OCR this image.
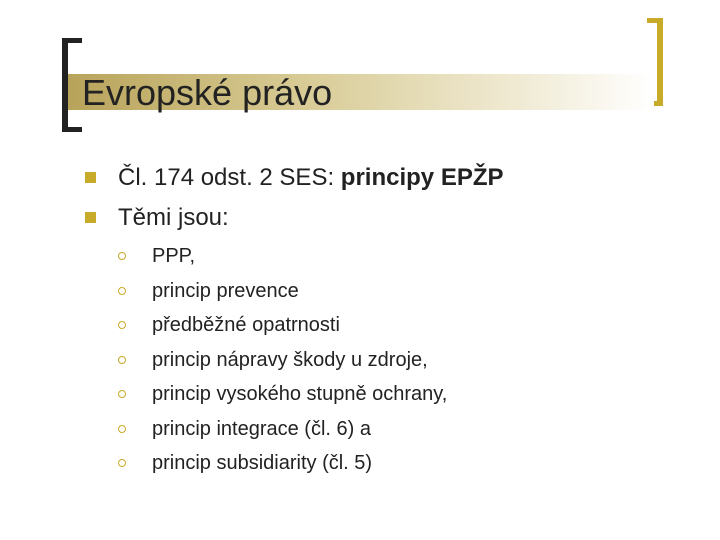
Evropské právo
Čl. 174 odst. 2 SES: principy EPŽP
Těmi jsou:
PPP,
princip prevence
předběžné opatrnosti
princip nápravy škody u zdroje,
princip vysokého stupně ochrany,
princip integrace (čl. 6) a
princip subsidiarity (čl. 5)
